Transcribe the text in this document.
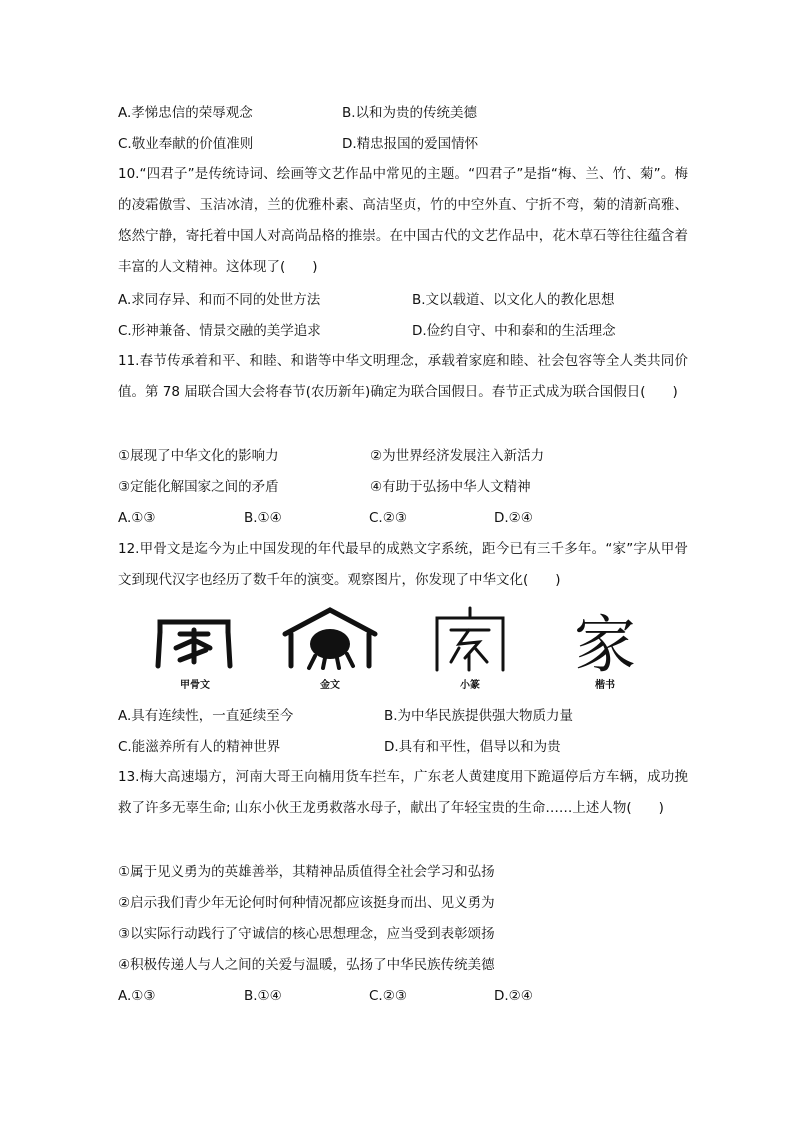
A.孝悌忠信的荣辱观念	B.以和为贵的传统美德
C.敬业奉献的价值准则	D.精忠报国的爱国情怀
10.“四君子”是传统诗词、绘画等文艺作品中常见的主题。“四君子”是指“梅、兰、竹、菊”。梅的凌霜傲雪、玉洁冰清，兰的优雅朴素、高洁坚贞，竹的中空外直、宁折不弯，菊的清新高雅、悠然宁静，寄托着中国人对高尚品格的推崇。在中国古代的文艺作品中，花木草石等往往蕴含着丰富的人文精神。这体现了(　　)
A.求同存异、和而不同的处世方法	B.文以载道、以文化人的教化思想
C.形神兼备、情景交融的美学追求	D.俭约自守、中和泰和的生活理念
11.春节传承着和平、和睦、和谐等中华文明理念，承载着家庭和睦、社会包容等全人类共同价值。第 78 届联合国大会将春节(农历新年)确定为联合国假日。春节正式成为联合国假日(　　)
①展现了中华文化的影响力	②为世界经济发展注入新活力
③定能化解国家之间的矛盾	④有助于弘扬中华人文精神
A.①③	B.①④	C.②③	D.②④
12.甲骨文是迄今为止中国发现的年代最早的成熟文字系统，距今已有三千多年。“家”字从甲骨文到现代汉字也经历了数千年的演变。观察图片，你发现了中华文化(　　)
甲骨文	金文	小篆
家
楷书
A.具有连续性，一直延续至今	B.为中华民族提供强大物质力量
C.能滋养所有人的精神世界	D.具有和平性，倡导以和为贵
13.梅大高速塌方，河南大哥王向楠用货车拦车，广东老人黄建度用下跪逼停后方车辆，成功挽救了许多无辜生命; 山东小伙王龙勇救落水母子，献出了年轻宝贵的生命……上述人物(　　)
①属于见义勇为的英雄善举，其精神品质值得全社会学习和弘扬
②启示我们青少年无论何时何种情况都应该挺身而出、见义勇为
③以实际行动践行了守诚信的核心思想理念，应当受到表彰颂扬
④积极传递人与人之间的关爱与温暖，弘扬了中华民族传统美德
A.①③	B.①④	C.②③	D.②④
